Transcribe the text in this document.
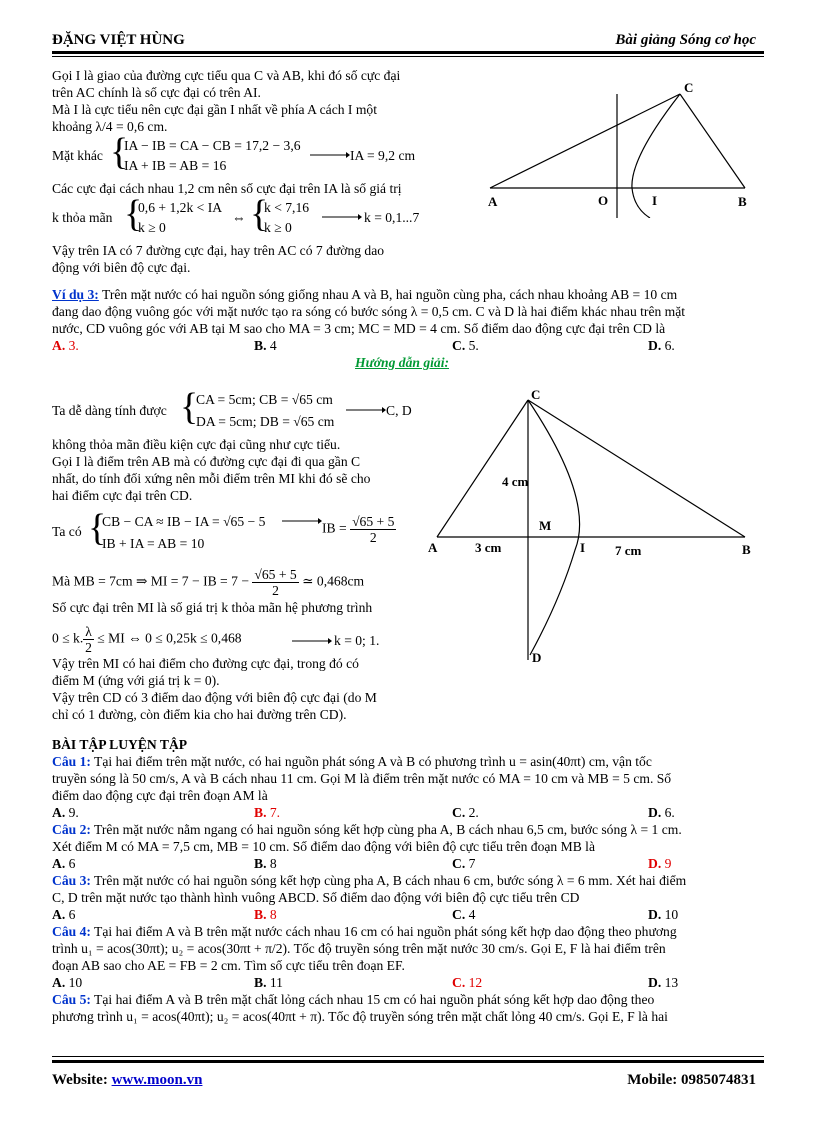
ĐẶNG VIỆT HÙNG	Bài giảng Sóng cơ học
Gọi I là giao của đường cực tiểu qua C và AB, khi đó số cực đại
trên AC chính là số cực đại có trên AI.
Mà I là cực tiểu nên cực đại gần I nhất về phía A cách I một
khoảng λ/4 = 0,6 cm.
Mặt khác {
IA − IB = CA − CB = 17,2 − 3,6
IA + IB = AB = 16
IA = 9,2 cm
Các cực đại cách nhau 1,2 cm nên số cực đại trên IA là số giá trị
k thỏa mãn {
0,6 + 1,2k < IA
k ≥ 0
⇔ {
k < 7,16
k ≥ 0
k = 0,1...7
Vậy trên IA có 7 đường cực đại, hay trên AC có 7 đường dao
động với biên độ cực đại.
C
A	O	I	B
Ví dụ 3: Trên mặt nước có hai nguồn sóng giống nhau A và B, hai nguồn cùng pha, cách nhau khoảng AB = 10 cm
đang dao động vuông góc với mặt nước tạo ra sóng có bước sóng λ = 0,5 cm. C và D là hai điểm khác nhau trên mặt
nước, CD vuông góc với AB tại M sao cho MA = 3 cm; MC = MD = 4 cm. Số điểm dao động cực đại trên CD là
A. 3.	B. 4	C. 5.	D. 6.
Hướng dẫn giải:
Ta dễ dàng tính được {
CA = 5cm; CB = √65 cm
DA = 5cm; DB = √65 cm
C, D
không thỏa mãn điều kiện cực đại cũng như cực tiểu.
Gọi I là điểm trên AB mà có đường cực đại đi qua gần C
nhất, do tính đối xứng nên mỗi điểm trên MI khi đó sẽ cho
hai điểm cực đại trên CD.
Ta có {
CB − CA ≈ IB − IA = √65 − 5
IB + IA = AB = 10
IB = $\frac{√65 + 5}{2}$
Mà MB = 7cm ⇒ MI = 7 − IB = $7 - \frac{√65 + 5}{2}$ ≃ 0,468cm
Số cực đại trên MI là số giá trị k thỏa mãn hệ phương trình
0 ≤ k. $\frac{\lambda}{2}$ ≤ MI ⇔ 0 ≤ 0,25k ≤ 0,468	k = 0; 1.
Vậy trên MI có hai điểm cho đường cực đại, trong đó có
điểm M (ứng với giá trị k = 0).
Vậy trên CD có 3 điểm dao động với biên độ cực đại (do M
chỉ có 1 đường, còn điểm kia cho hai đường trên CD).
C
D
A	B
M
I
4 cm
3 cm	7 cm
BÀI TẬP LUYỆN TẬP
Câu 1: Tại hai điểm trên mặt nước, có hai nguồn phát sóng A và B có phương trình u = asin(40πt) cm, vận tốc
truyền sóng là 50 cm/s, A và B cách nhau 11 cm. Gọi M là điểm trên mặt nước có MA = 10 cm và MB = 5 cm. Số
điểm dao động cực đại trên đoạn AM là
A. 9.	B. 7.	C. 2.	D. 6.
Câu 2: Trên mặt nước nằm ngang có hai nguồn sóng kết hợp cùng pha A, B cách nhau 6,5 cm, bước sóng λ = 1 cm.
Xét điểm M có MA = 7,5 cm, MB = 10 cm. Số điểm dao động với biên độ cực tiểu trên đoạn MB là
A. 6	B. 8	C. 7	D. 9
Câu 3: Trên mặt nước có hai nguồn sóng kết hợp cùng pha A, B cách nhau 6 cm, bước sóng λ = 6 mm. Xét hai điểm
C, D trên mặt nước tạo thành hình vuông ABCD. Số điểm dao động với biên độ cực tiểu trên CD
A. 6	B. 8	C. 4	D. 10
Câu 4: Tại hai điểm A và B trên mặt nước cách nhau 16 cm có hai nguồn phát sóng kết hợp dao động theo phương
trình u₁ = acos(30πt); u₂ = acos(30πt + π/2). Tốc độ truyền sóng trên mặt nước 30 cm/s. Gọi E, F là hai điểm trên
đoạn AB sao cho AE = FB = 2 cm. Tìm số cực tiểu trên đoạn EF.
A. 10	B. 11	C. 12	D. 13
Câu 5: Tại hai điểm A và B trên mặt chất lỏng cách nhau 15 cm có hai nguồn phát sóng kết hợp dao động theo
phương trình u₁ = acos(40πt); u₂ = acos(40πt + π). Tốc độ truyền sóng trên mặt chất lỏng 40 cm/s. Gọi E, F là hai
Website: www.moon.vn	Mobile: 0985074831
